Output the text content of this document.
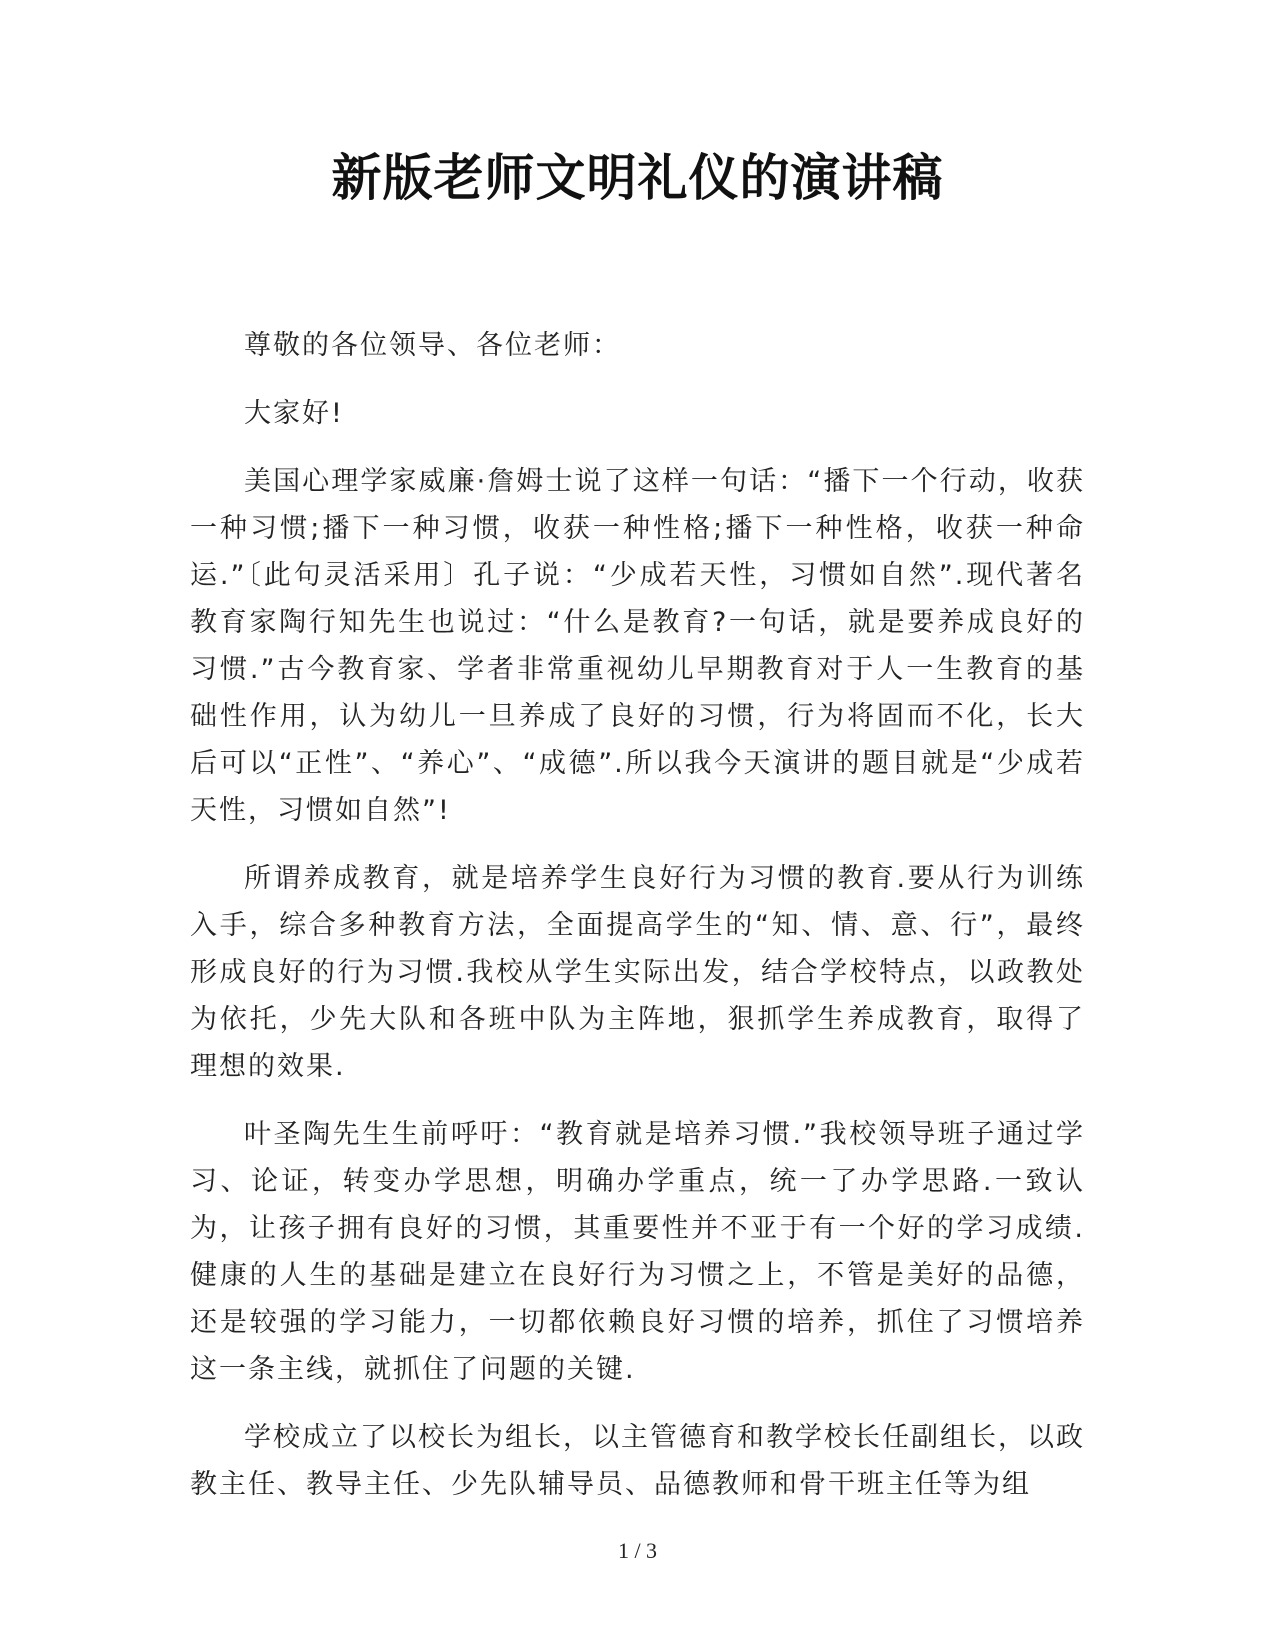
新版老师文明礼仪的演讲稿

尊敬的各位领导、各位老师：

大家好!

美国心理学家威廉·詹姆士说了这样一句话：“播下一个行动，收获一种习惯;播下一种习惯，收获一种性格;播下一种性格，收获一种命运.”〔此句灵活采用〕孔子说：“少成若天性，习惯如自然”.现代著名教育家陶行知先生也说过：“什么是教育?一句话，就是要养成良好的习惯.”古今教育家、学者非常重视幼儿早期教育对于人一生教育的基础性作用，认为幼儿一旦养成了良好的习惯，行为将固而不化，长大后可以“正性”、“养心”、“成德”.所以我今天演讲的题目就是“少成若天性，习惯如自然”!

所谓养成教育，就是培养学生良好行为习惯的教育.要从行为训练入手，综合多种教育方法，全面提高学生的“知、情、意、行”，最终形成良好的行为习惯.我校从学生实际出发，结合学校特点，以政教处为依托，少先大队和各班中队为主阵地，狠抓学生养成教育，取得了理想的效果.

叶圣陶先生生前呼吁：“教育就是培养习惯.”我校领导班子通过学习、论证，转变办学思想，明确办学重点，统一了办学思路.一致认为，让孩子拥有良好的习惯，其重要性并不亚于有一个好的学习成绩.健康的人生的基础是建立在良好行为习惯之上，不管是美好的品德，还是较强的学习能力，一切都依赖良好习惯的培养，抓住了习惯培养这一条主线，就抓住了问题的关键.

学校成立了以校长为组长，以主管德育和教学校长任副组长，以政教主任、教导主任、少先队辅导员、品德教师和骨干班主任等为组

1 / 3
